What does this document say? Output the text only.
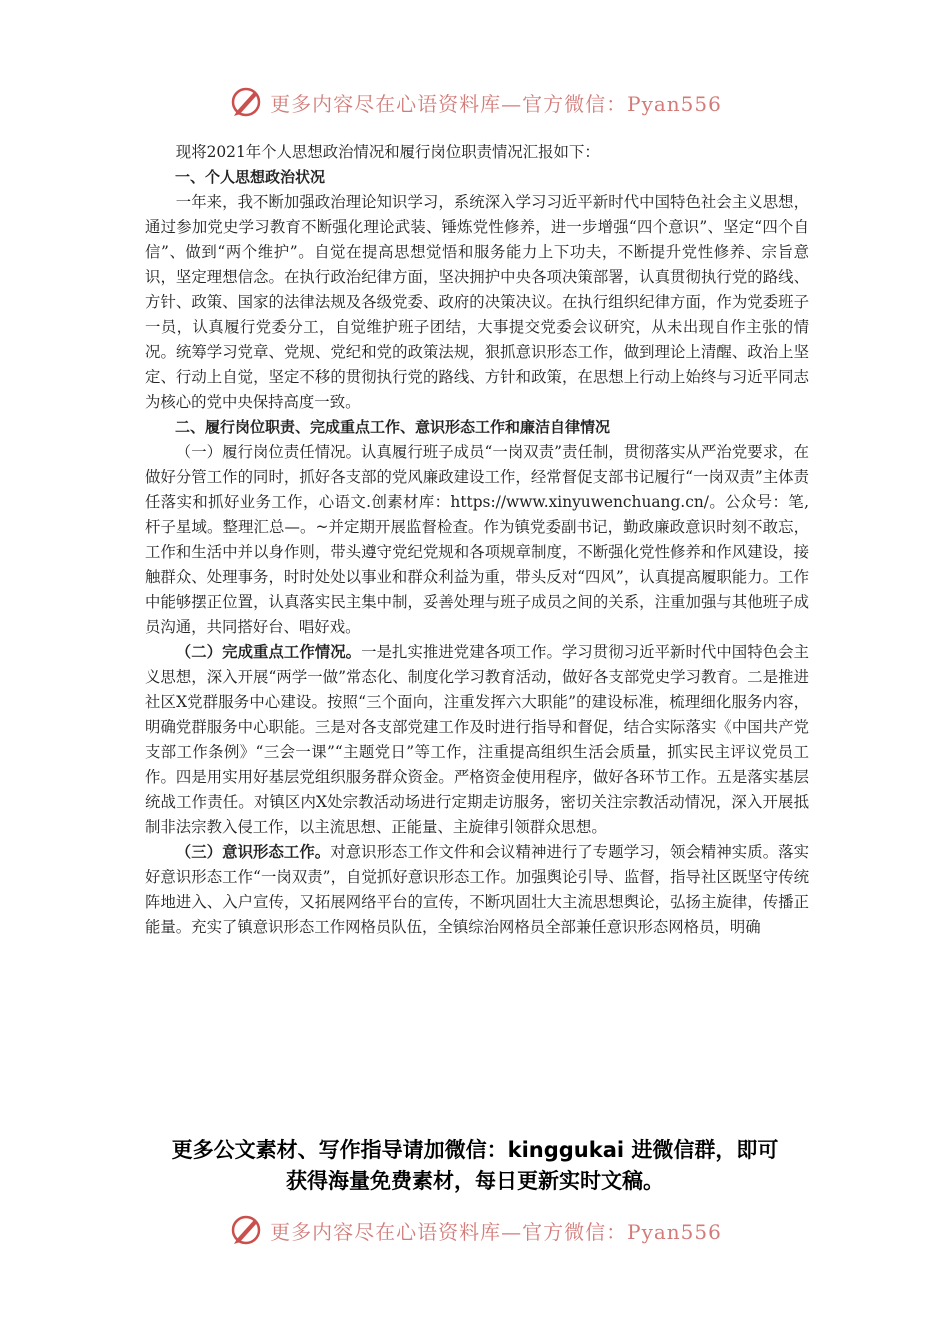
更多内容尽在心语资料库—官方微信：Pyan556

现将2021年个人思想政治情况和履行岗位职责情况汇报如下：

一、个人思想政治状况

一年来，我不断加强政治理论知识学习，系统深入学习习近平新时代中国特色社会主义思想，通过参加党史学习教育不断强化理论武装、锤炼党性修养，进一步增强“四个意识”、坚定“四个自信”、做到“两个维护”。自觉在提高思想觉悟和服务能力上下功夫，不断提升党性修养、宗旨意识，坚定理想信念。在执行政治纪律方面，坚决拥护中央各项决策部署，认真贯彻执行党的路线、方针、政策、国家的法律法规及各级党委、政府的决策决议。在执行组织纪律方面，作为党委班子一员，认真履行党委分工，自觉维护班子团结，大事提交党委会议研究，从未出现自作主张的情况。统筹学习党章、党规、党纪和党的政策法规，狠抓意识形态工作，做到理论上清醒、政治上坚定、行动上自觉，坚定不移的贯彻执行党的路线、方针和政策，在思想上行动上始终与习近平同志为核心的党中央保持高度一致。

二、履行岗位职责、完成重点工作、意识形态工作和廉洁自律情况

（一）履行岗位责任情况。认真履行班子成员“一岗双责”责任制，贯彻落实从严治党要求，在做好分管工作的同时，抓好各支部的党风廉政建设工作，经常督促支部书记履行“一岗双责”主体责任落实和抓好业务工作，心语文.创素材库：https://www.xinyuwenchuang.cn/。公众号：笔,杆子星域。整理汇总—。~并定期开展监督检查。作为镇党委副书记，勤政廉政意识时刻不敢忘，工作和生活中并以身作则，带头遵守党纪党规和各项规章制度，不断强化党性修养和作风建设，接触群众、处理事务，时时处处以事业和群众利益为重，带头反对“四风”，认真提高履职能力。工作中能够摆正位置，认真落实民主集中制，妥善处理与班子成员之间的关系，注重加强与其他班子成员沟通，共同搭好台、唱好戏。

（二）完成重点工作情况。一是扎实推进党建各项工作。学习贯彻习近平新时代中国特色会主义思想，深入开展“两学一做”常态化、制度化学习教育活动，做好各支部党史学习教育。二是推进社区X党群服务中心建设。按照“三个面向，注重发挥六大职能”的建设标准，梳理细化服务内容，明确党群服务中心职能。三是对各支部党建工作及时进行指导和督促，结合实际落实《中国共产党支部工作条例》“三会一课”“主题党日”等工作，注重提高组织生活会质量，抓实民主评议党员工作。四是用实用好基层党组织服务群众资金。严格资金使用程序，做好各环节工作。五是落实基层统战工作责任。对镇区内X处宗教活动场进行定期走访服务，密切关注宗教活动情况，深入开展抵制非法宗教入侵工作，以主流思想、正能量、主旋律引领群众思想。

（三）意识形态工作。对意识形态工作文件和会议精神进行了专题学习，领会精神实质。落实好意识形态工作“一岗双责”，自觉抓好意识形态工作。加强舆论引导、监督，指导社区既坚守传统阵地进入、入户宣传，又拓展网络平台的宣传，不断巩固壮大主流思想舆论，弘扬主旋律，传播正能量。充实了镇意识形态工作网格员队伍，全镇综治网格员全部兼任意识形态网格员，明确

更多公文素材、写作指导请加微信：kinggukai 进微信群，即可
获得海量免费素材，每日更新实时文稿。
更多内容尽在心语资料库—官方微信：Pyan556
